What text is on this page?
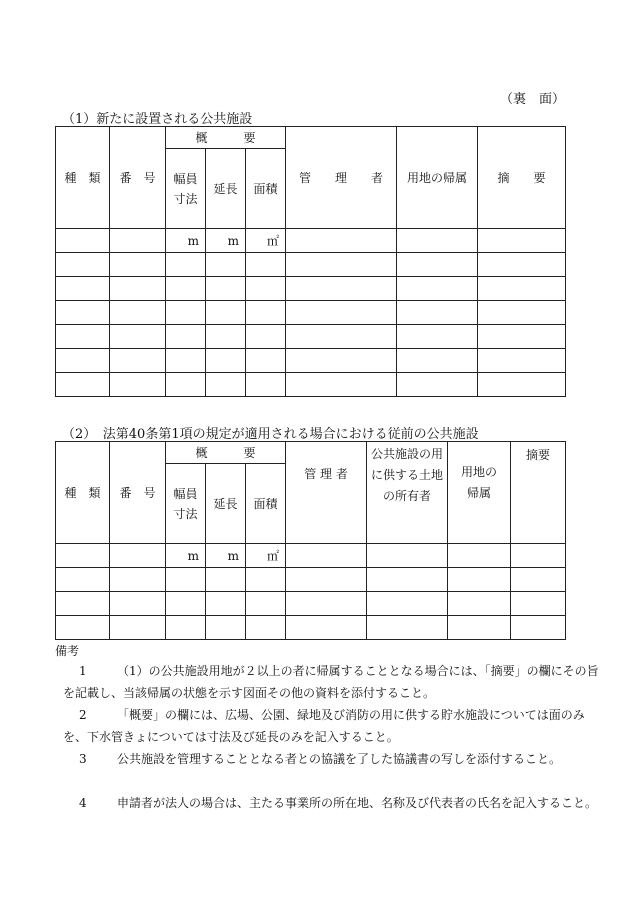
（裏　面）
（1）新たに設置される公共施設
種　類	番　号	概　　　要			管　　理　　者	用地の帰属	摘　　要
		幅員寸法	延長	面積			
		m	m	㎡			

（2）　法第40条第1項の規定が適用される場合における従前の公共施設
種　類	番　号	概　　　要			管 理 者	公共施設の用に供する土地の所有者	用地の帰属	摘要
		幅員寸法	延長	面積				
		m	m	㎡				

備考
1	（1）の公共施設用地が２以上の者に帰属することとなる場合には、「摘要」の欄にその旨を記載し、当該帰属の状態を示す図面その他の資料を添付すること。
2	「概要」の欄には、広場、公園、緑地及び消防の用に供する貯水施設については面のみを、下水管きょについては寸法及び延長のみを記入すること。
3	公共施設を管理することとなる者との協議を了した協議書の写しを添付すること。
4	申請者が法人の場合は、主たる事業所の所在地、名称及び代表者の氏名を記入すること。
